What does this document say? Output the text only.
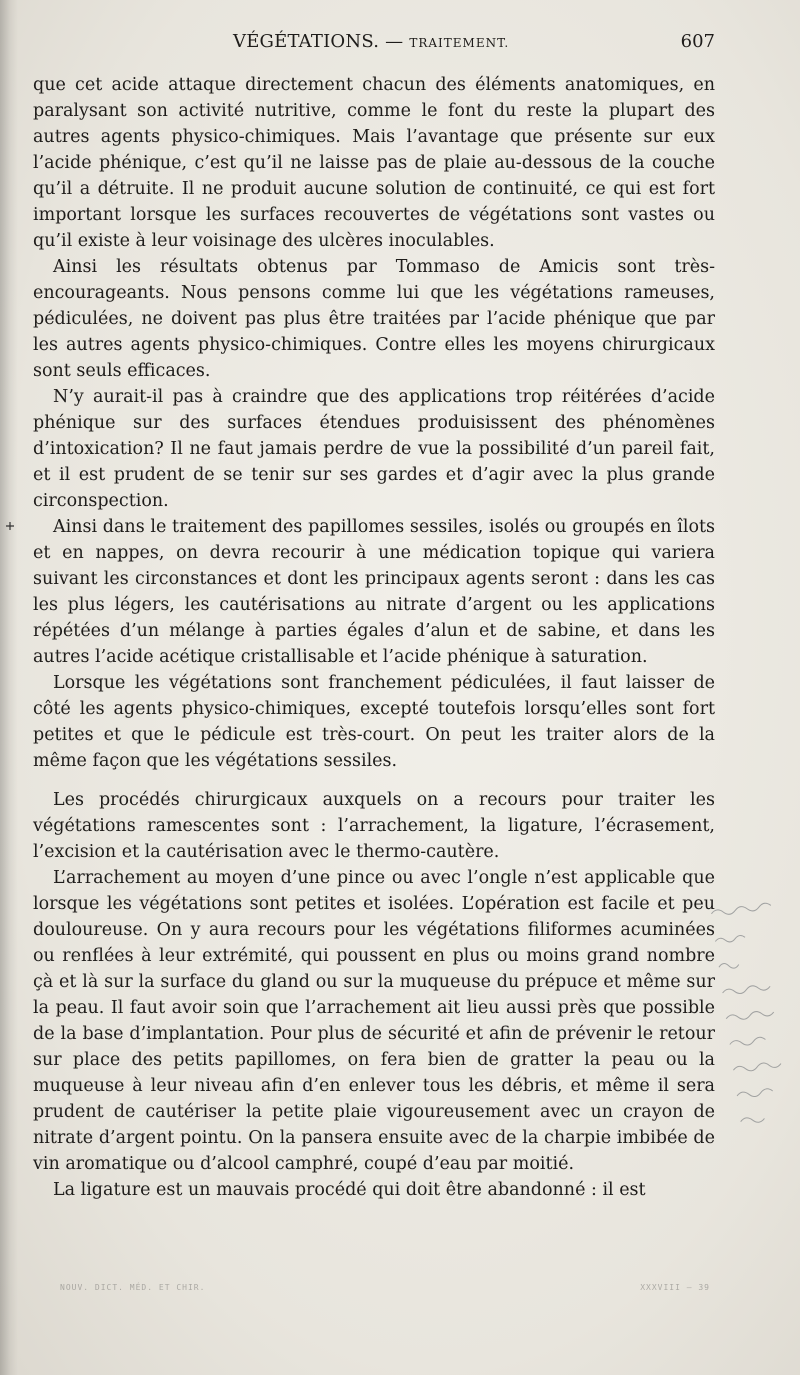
VÉGÉTATIONS. — TRAITEMENT.	607

que cet acide attaque directement chacun des éléments anatomiques, en paralysant son activité nutritive, comme le font du reste la plupart des autres agents physico-chimiques. Mais l’avantage que présente sur eux l’acide phénique, c’est qu’il ne laisse pas de plaie au-dessous de la couche qu’il a détruite. Il ne produit aucune solution de continuité, ce qui est fort important lorsque les surfaces recouvertes de végétations sont vastes ou qu’il existe à leur voisinage des ulcères inoculables.

Ainsi les résultats obtenus par Tommaso de Amicis sont très-encourageants. Nous pensons comme lui que les végétations rameuses, pédiculées, ne doivent pas plus être traitées par l’acide phénique que par les autres agents physico-chimiques. Contre elles les moyens chirurgicaux sont seuls efficaces.

N’y aurait-il pas à craindre que des applications trop réitérées d’acide phénique sur des surfaces étendues produisissent des phénomènes d’intoxication? Il ne faut jamais perdre de vue la possibilité d’un pareil fait, et il est prudent de se tenir sur ses gardes et d’agir avec la plus grande circonspection.

Ainsi dans le traitement des papillomes sessiles, isolés ou groupés en îlots et en nappes, on devra recourir à une médication topique qui variera suivant les circonstances et dont les principaux agents seront : dans les cas les plus légers, les cautérisations au nitrate d’argent ou les applications répétées d’un mélange à parties égales d’alun et de sabine, et dans les autres l’acide acétique cristallisable et l’acide phénique à saturation.

Lorsque les végétations sont franchement pédiculées, il faut laisser de côté les agents physico-chimiques, excepté toutefois lorsqu’elles sont fort petites et que le pédicule est très-court. On peut les traiter alors de la même façon que les végétations sessiles.

Les procédés chirurgicaux auxquels on a recours pour traiter les végétations ramescentes sont : l’arrachement, la ligature, l’écrasement, l’excision et la cautérisation avec le thermo-cautère.

L’arrachement au moyen d’une pince ou avec l’ongle n’est applicable que lorsque les végétations sont petites et isolées. L’opération est facile et peu douloureuse. On y aura recours pour les végétations filiformes acuminées ou renflées à leur extrémité, qui poussent en plus ou moins grand nombre çà et là sur la surface du gland ou sur la muqueuse du prépuce et même sur la peau. Il faut avoir soin que l’arrachement ait lieu aussi près que possible de la base d’implantation. Pour plus de sécurité et afin de prévenir le retour sur place des petits papillomes, on fera bien de gratter la peau ou la muqueuse à leur niveau afin d’en enlever tous les débris, et même il sera prudent de cautériser la petite plaie vigoureusement avec un crayon de nitrate d’argent pointu. On la pansera ensuite avec de la charpie imbibée de vin aromatique ou d’alcool camphré, coupé d’eau par moitié.

La ligature est un mauvais procédé qui doit être abandonné : il est

NOUV. DICT. MÉD. ET CHIR.	XXXVIII — 39
